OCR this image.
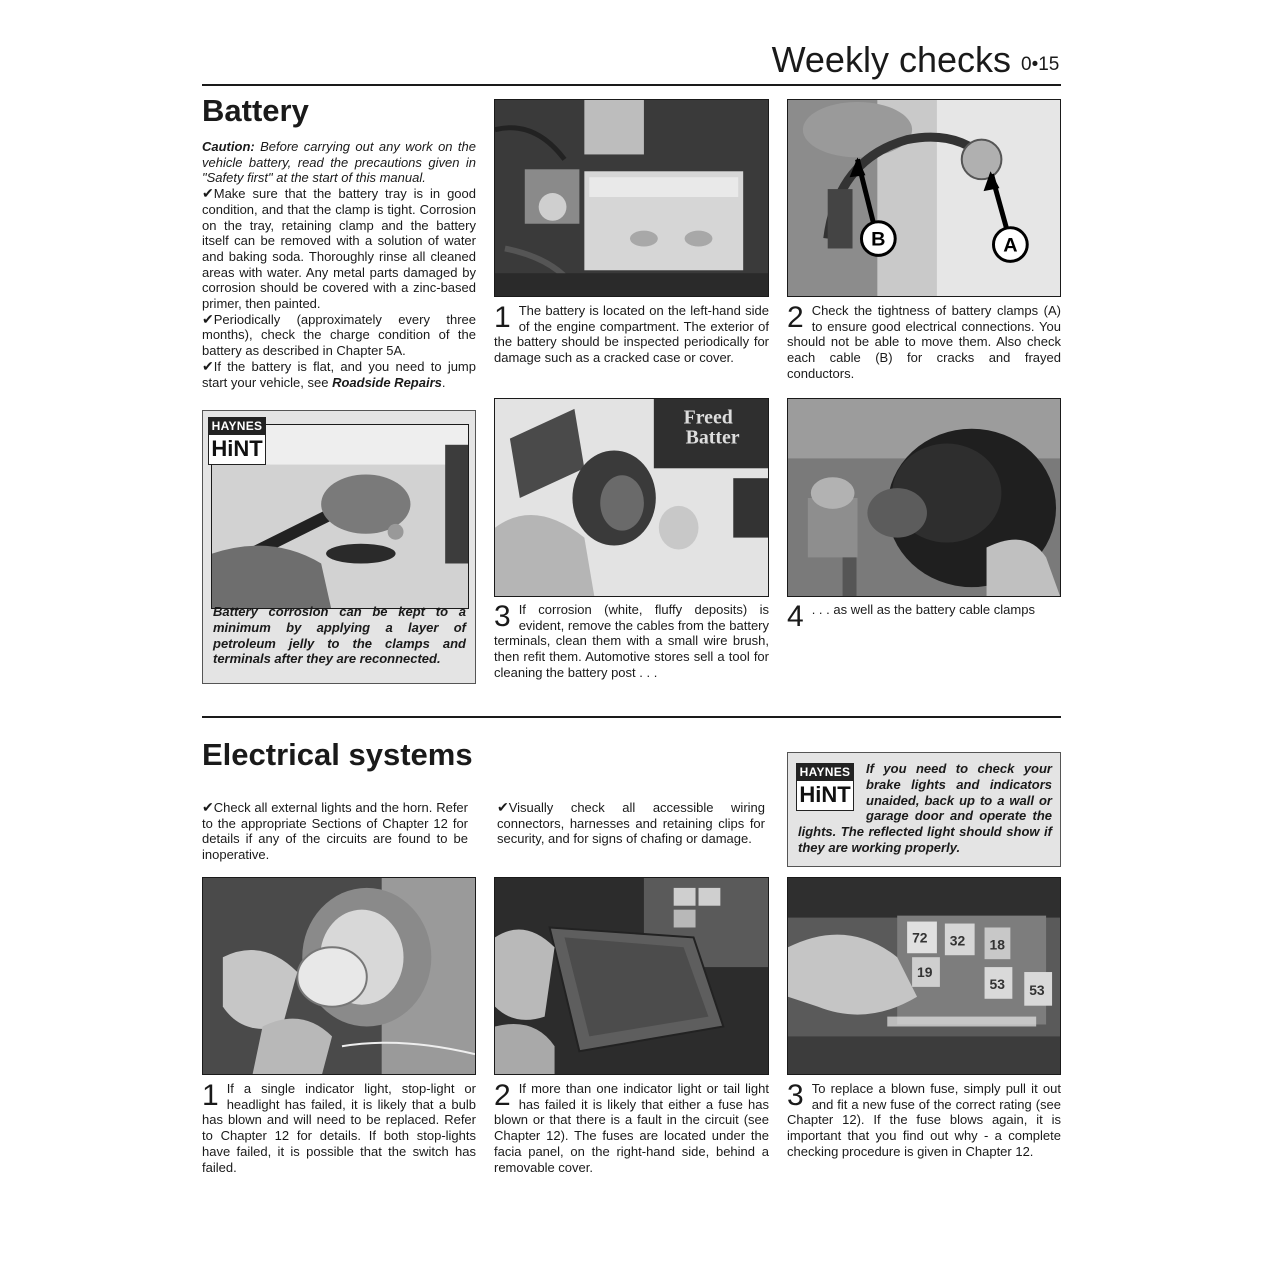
Weekly checks 0•15
Battery

Caution: Before carrying out any work on the vehicle battery, read the precautions given in "Safety first" at the start of this manual.

✔Make sure that the battery tray is in good condition, and that the clamp is tight. Corrosion on the tray, retaining clamp and the battery itself can be removed with a solution of water and baking soda. Thoroughly rinse all cleaned areas with water. Any metal parts damaged by corrosion should be covered with a zinc-based primer, then painted.

✔Periodically (approximately every three months), check the charge condition of the battery as described in Chapter 5A.

✔If the battery is flat, and you need to jump start your vehicle, see Roadside Repairs.

B	A
1 The battery is located on the left-hand side of the engine compartment. The exterior of the battery should be inspected periodically for damage such as a cracked case or cover.
2 Check the tightness of battery clamps (A) to ensure good electrical connections. You should not be able to move them. Also check each cable (B) for cracks and frayed conductors.
HAYNES
HiNT
Battery corrosion can be kept to a minimum by applying a layer of petroleum jelly to the clamps and terminals after they are reconnected.
Freed
Batter
3 If corrosion (white, fluffy deposits) is evident, remove the cables from the battery terminals, clean them with a small wire brush, then refit them. Automotive stores sell a tool for cleaning the battery post . . .
4 . . . as well as the battery cable clamps
Electrical systems
✔Check all external lights and the horn. Refer to the appropriate Sections of Chapter 12 for details if any of the circuits are found to be inoperative.
✔Visually check all accessible wiring connectors, harnesses and retaining clips for security, and for signs of chafing or damage.
HAYNES
HiNT
If you need to check your brake lights and indicators unaided, back up to a wall or garage door and operate the lights. The reflected light should show if they are working properly.
72 32 18
19
53 53
1 If a single indicator light, stop-light or headlight has failed, it is likely that a bulb has blown and will need to be replaced. Refer to Chapter 12 for details. If both stop-lights have failed, it is possible that the switch has failed.
2 If more than one indicator light or tail light has failed it is likely that either a fuse has blown or that there is a fault in the circuit (see Chapter 12). The fuses are located under the facia panel, on the right-hand side, behind a removable cover.
3 To replace a blown fuse, simply pull it out and fit a new fuse of the correct rating (see Chapter 12). If the fuse blows again, it is important that you find out why - a complete checking procedure is given in Chapter 12.
